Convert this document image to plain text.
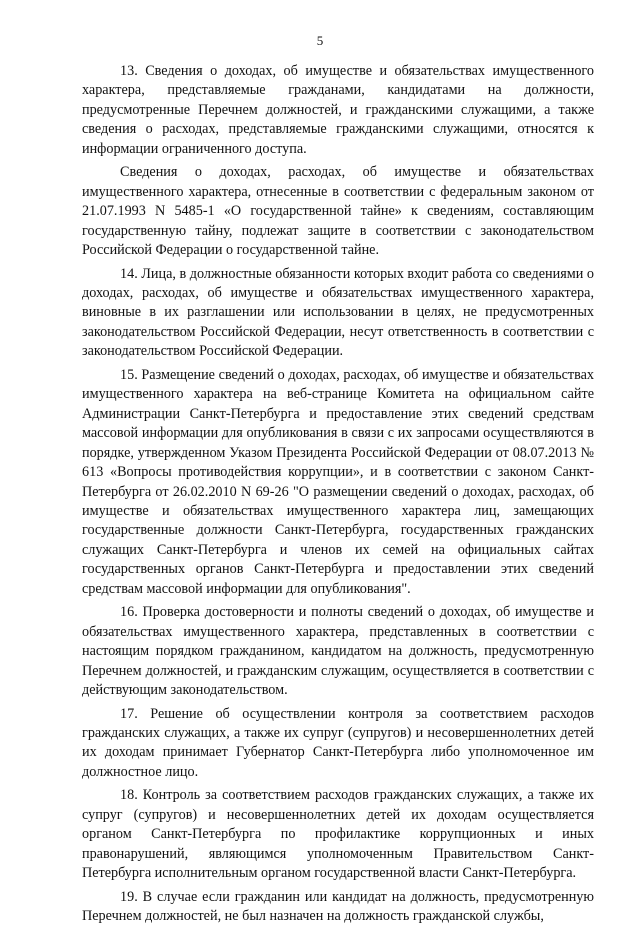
5

13. Сведения о доходах, об имуществе и обязательствах имущественного характера, представляемые гражданами, кандидатами на должности, предусмотренные Перечнем должностей, и гражданскими служащими, а также сведения о расходах, представляемые гражданскими служащими, относятся к информации ограниченного доступа.

Сведения о доходах, расходах, об имуществе и обязательствах имущественного характера, отнесенные в соответствии с федеральным законом от 21.07.1993 N 5485-1 «О государственной тайне» к сведениям, составляющим государственную тайну, подлежат защите в соответствии с законодательством Российской Федерации о государственной тайне.

14. Лица, в должностные обязанности которых входит работа со сведениями о доходах, расходах, об имуществе и обязательствах имущественного характера, виновные в их разглашении или использовании в целях, не предусмотренных законодательством Российской Федерации, несут ответственность в соответствии с законодательством Российской Федерации.

15. Размещение сведений о доходах, расходах, об имуществе и обязательствах имущественного характера на веб-странице Комитета на официальном сайте Администрации Санкт-Петербурга и предоставление этих сведений средствам массовой информации для опубликования в связи с их запросами осуществляются в порядке, утвержденном Указом Президента Российской Федерации от 08.07.2013 № 613 «Вопросы противодействия коррупции», и в соответствии с законом Санкт-Петербурга от 26.02.2010 N 69-26 "О размещении сведений о доходах, расходах, об имуществе и обязательствах имущественного характера лиц, замещающих государственные должности Санкт-Петербурга, государственных гражданских служащих Санкт-Петербурга и членов их семей на официальных сайтах государственных органов Санкт-Петербурга и предоставлении этих сведений средствам массовой информации для опубликования".

16. Проверка достоверности и полноты сведений о доходах, об имуществе и обязательствах имущественного характера, представленных в соответствии с настоящим порядком гражданином, кандидатом на должность, предусмотренную Перечнем должностей, и гражданским служащим, осуществляется в соответствии с действующим законодательством.

17. Решение об осуществлении контроля за соответствием расходов гражданских служащих, а также их супруг (супругов) и несовершеннолетних детей их доходам принимает Губернатор Санкт-Петербурга либо уполномоченное им должностное лицо.

18. Контроль за соответствием расходов гражданских служащих, а также их супруг (супругов) и несовершеннолетних детей их доходам осуществляется органом Санкт-Петербурга по профилактике коррупционных и иных правонарушений, являющимся уполномоченным Правительством Санкт-Петербурга исполнительным органом государственной власти Санкт-Петербурга.

19. В случае если гражданин или кандидат на должность, предусмотренную Перечнем должностей, не был назначен на должность гражданской службы,
